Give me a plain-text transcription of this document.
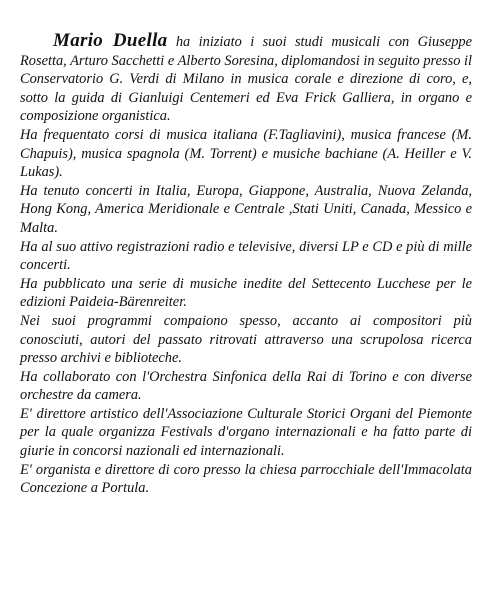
Mario Duella ha iniziato i suoi studi musicali con Giuseppe Rosetta, Arturo Sacchetti e Alberto Soresina, diplomandosi in seguito presso il Conservatorio G. Verdi di Milano in musica corale e direzione di coro, e, sotto la guida di Gianluigi Centemeri ed Eva Frick Galliera, in organo e composizione organistica.

Ha frequentato corsi di musica italiana (F.Tagliavini), musica francese (M. Chapuis), musica spagnola (M. Torrent) e musiche bachiane (A. Heiller e V. Lukas).

Ha tenuto concerti in Italia, Europa, Giappone, Australia, Nuova Zelanda, Hong Kong, America Meridionale e Centrale ,Stati Uniti, Canada, Messico e Malta.

Ha al suo attivo registrazioni radio e televisive, diversi LP e CD e più di mille concerti.

Ha pubblicato una serie di musiche inedite del Settecento Lucchese per le edizioni Paideia-Bärenreiter.

Nei suoi programmi compaiono spesso, accanto ai compositori più conosciuti, autori del passato ritrovati attraverso una scrupolosa ricerca presso archivi e biblioteche.

Ha collaborato con l'Orchestra Sinfonica della Rai di Torino e con diverse orchestre da camera.

E' direttore artistico dell'Associazione Culturale Storici Organi del Piemonte per la quale organizza Festivals d'organo internazionali e ha fatto parte di giurie in concorsi nazionali ed internazionali.

E' organista e direttore di coro presso la chiesa parrocchiale dell'Immacolata Concezione a Portula.
